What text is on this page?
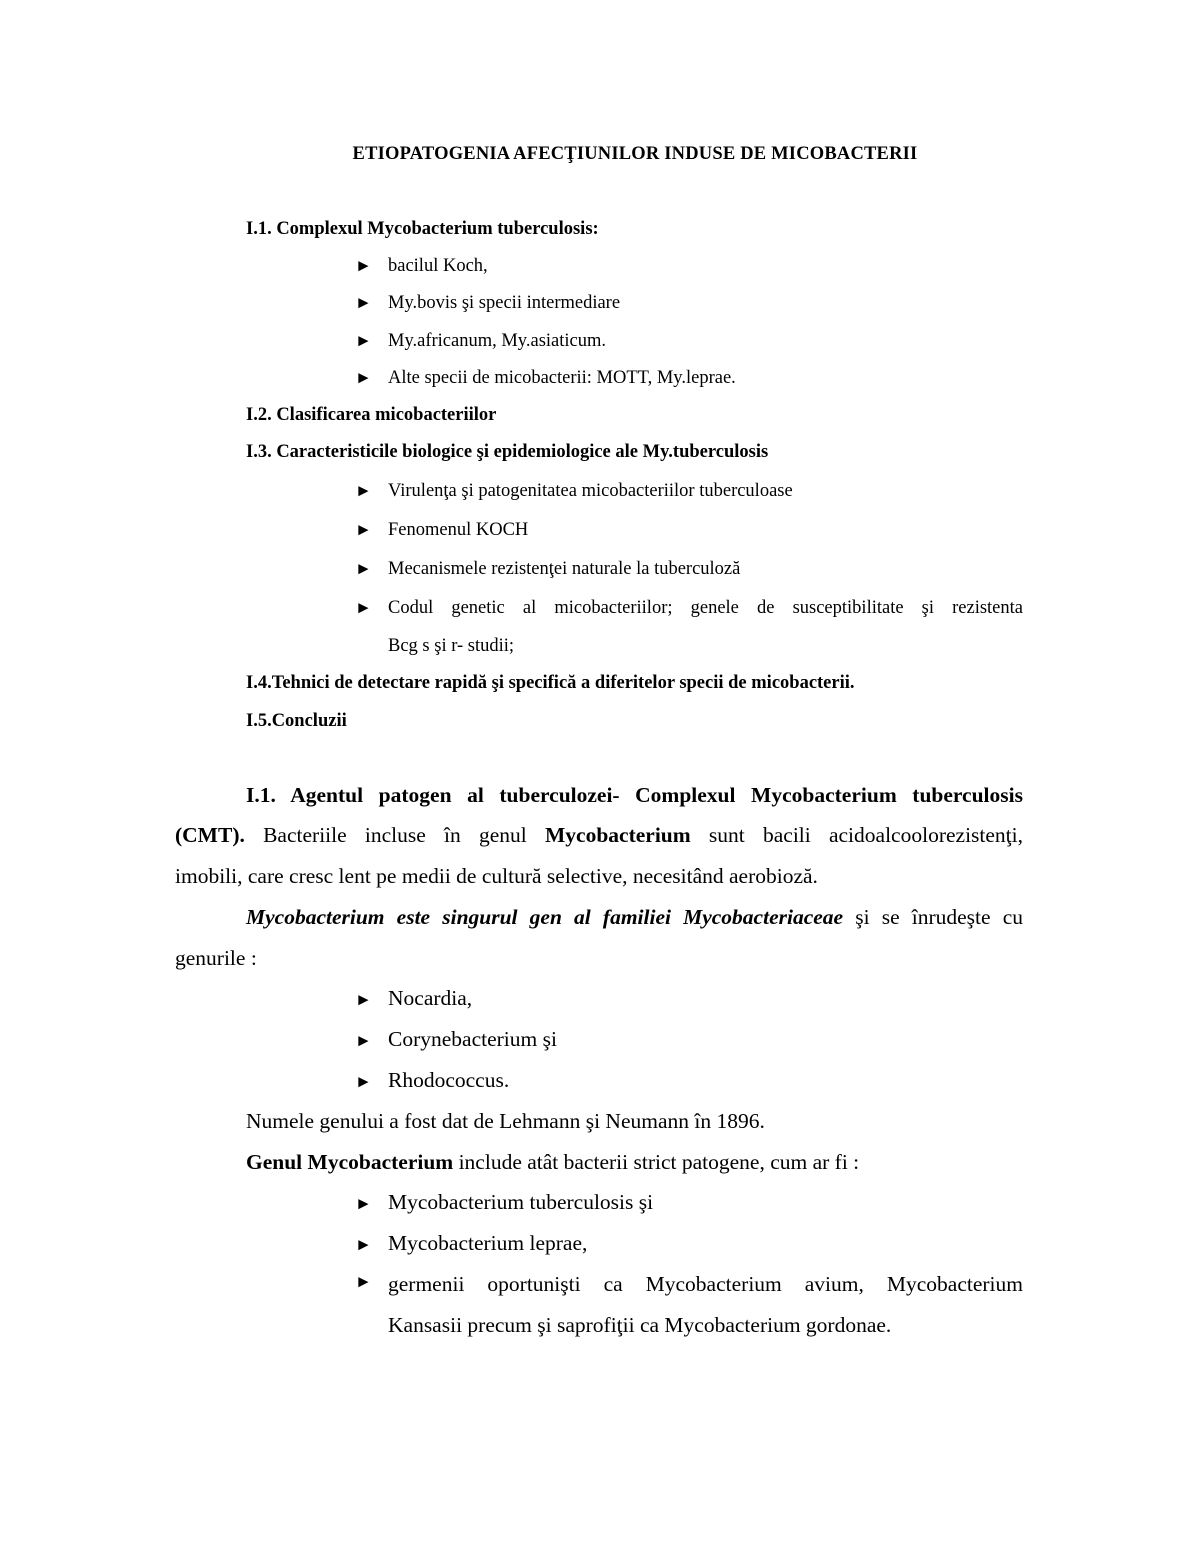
ETIOPATOGENIA AFECŢIUNILOR INDUSE DE MICOBACTERII
I.1. Complexul Mycobacterium tuberculosis:
► bacilul Koch,
► My.bovis şi specii intermediare
► My.africanum, My.asiaticum.
► Alte specii de micobacterii: MOTT, My.leprae.
I.2. Clasificarea micobacteriilor
I.3. Caracteristicile biologice şi epidemiologice ale My.tuberculosis
► Virulenţa şi patogenitatea micobacteriilor tuberculoase
► Fenomenul KOCH
► Mecanismele rezistenţei naturale la tuberculoză
► Codul genetic al micobacteriilor; genele de susceptibilitate şi rezistenta
Bcg s şi r- studii;
I.4.Tehnici de detectare rapidă şi specifică a diferitelor specii de micobacterii.
I.5.Concluzii
I.1. Agentul patogen al tuberculozei- Complexul Mycobacterium tuberculosis
(CMT). Bacteriile incluse în genul Mycobacterium sunt bacili acidoalcoolorezistenţi,
imobili, care cresc lent pe medii de cultură selective, necesitând aerobioză.
Mycobacterium este singurul gen al familiei Mycobacteriaceae şi se înrudeşte cu
genurile :
► Nocardia,
► Corynebacterium şi
► Rhodococcus.
Numele genului a fost dat de Lehmann şi Neumann în 1896.
Genul Mycobacterium include atât bacterii strict patogene, cum ar fi :
► Mycobacterium tuberculosis şi
► Mycobacterium leprae,
► germenii oportunişti ca Mycobacterium avium, Mycobacterium
Kansasii precum şi saprofiţii ca Mycobacterium gordonae.
